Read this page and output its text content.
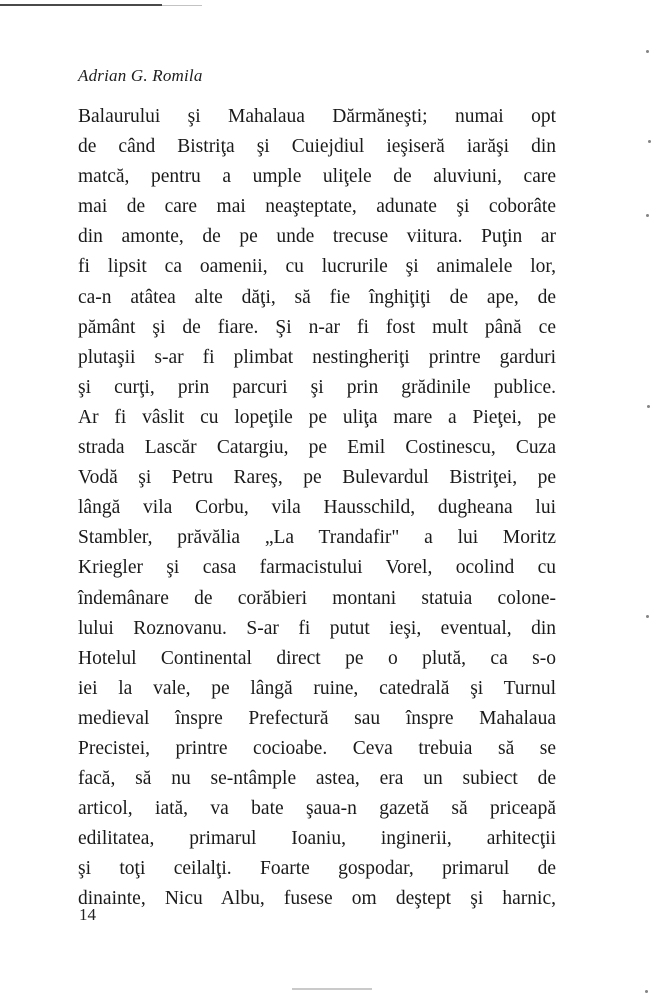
Adrian G. Romila
Balaurului şi Mahalaua Dărmăneşti; numai opt
de când Bistriţa şi Cuiejdiul ieşiseră iarăşi din
matcă, pentru a umple uliţele de aluviuni, care
mai de care mai neaşteptate, adunate şi coborâte
din amonte, de pe unde trecuse viitura. Puţin ar
fi lipsit ca oamenii, cu lucrurile şi animalele lor,
ca-n atâtea alte dăţi, să fie înghiţiţi de ape, de
pământ şi de fiare. Şi n-ar fi fost mult până ce
plutaşii s-ar fi plimbat nestingheriţi printre garduri
şi curţi, prin parcuri şi prin grădinile publice.
Ar fi vâslit cu lopeţile pe uliţa mare a Pieţei, pe
strada Lascăr Catargiu, pe Emil Costinescu, Cuza
Vodă şi Petru Rareş, pe Bulevardul Bistriţei, pe
lângă vila Corbu, vila Hausschild, dugheana lui
Stambler, prăvălia „La Trandafir" a lui Moritz
Kriegler şi casa farmacistului Vorel, ocolind cu
îndemânare de corăbieri montani statuia colone-
lului Roznovanu. S-ar fi putut ieşi, eventual, din
Hotelul Continental direct pe o plută, ca s-o
iei la vale, pe lângă ruine, catedrală şi Turnul
medieval înspre Prefectură sau înspre Mahalaua
Precistei, printre cocioabe. Ceva trebuia să se
facă, să nu se-ntâmple astea, era un subiect de
articol, iată, va bate şaua-n gazetă să priceapă
edilitatea, primarul Ioaniu, inginerii, arhitecţii
şi toţi ceilalţi. Foarte gospodar, primarul de
dinainte, Nicu Albu, fusese om deştept şi harnic,
14
